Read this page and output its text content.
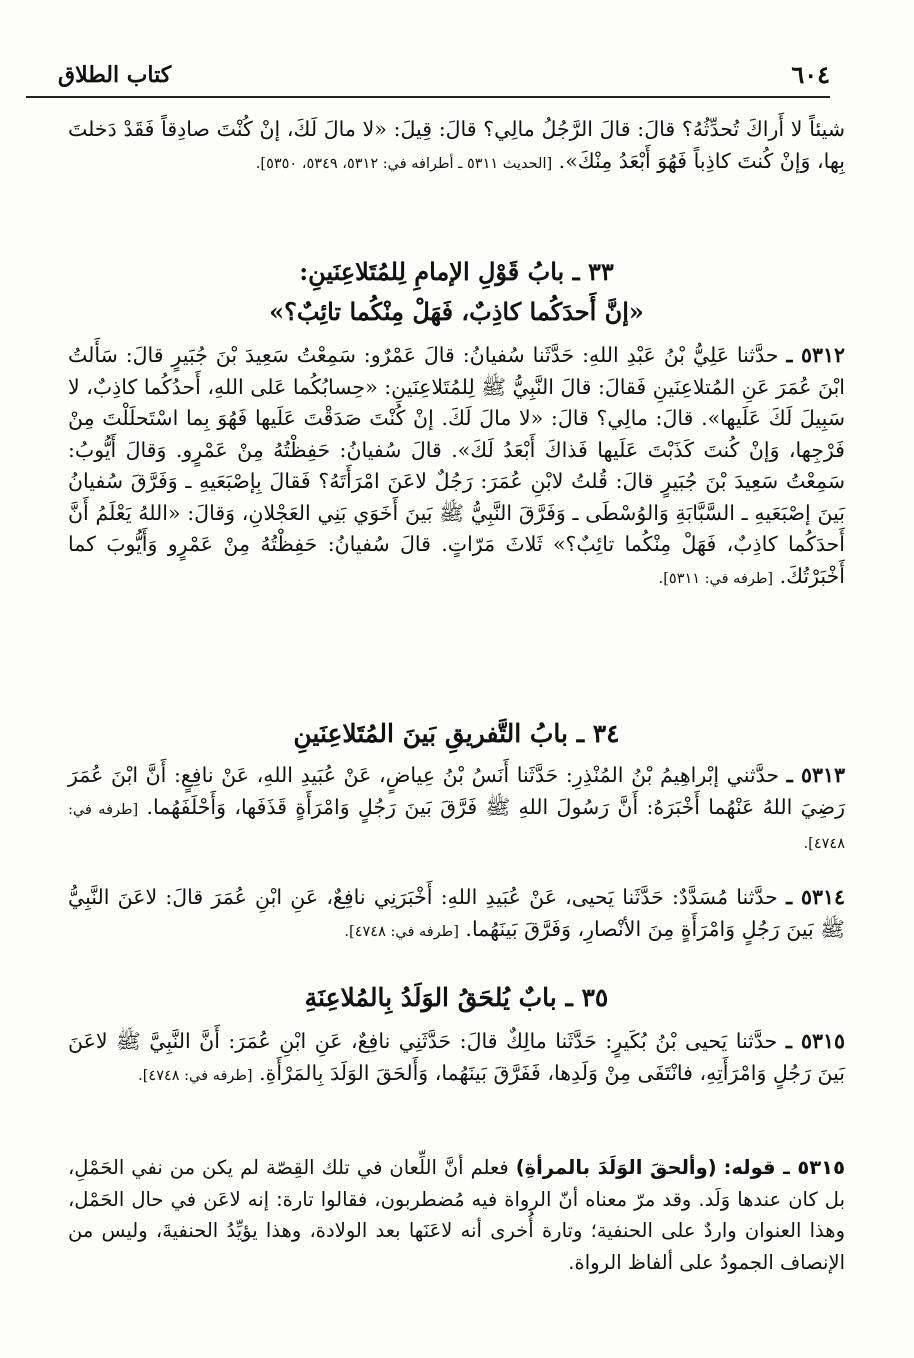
٦٠٤
كتاب الطلاق
شيئاً لا أَراكَ تُحدِّثُهُ؟ قالَ: قالَ الرَّجُلُ مالِي؟ قالَ: قِيلَ: «لا مالَ لَكَ، إنْ كُنْتَ صادِقاً فَقَدْ دَخلتَ بِها، وَإنْ كُنتَ كاذِباً فَهُوَ أَبْعَدُ مِنْكَ». [الحديث ٥٣١١ ـ أطرافه في: ٥٣١٢، ٥٣٤٩، ٥٣٥٠].
٣٣ ـ بابُ قَوْلِ الإمامِ لِلمُتَلاعِنَينِ:
«إنَّ أَحدَكُما كاذِبٌ، فَهَلْ مِنْكُما تائِبٌ؟»
٥٣١٢ ـ حدَّثنا عَلِيُّ بْنُ عَبْدِ اللهِ: حَدَّثَنا سُفيانُ: قالَ عَمْرٌو: سَمِعْتُ سَعِيدَ بْنَ جُبَيرٍ قالَ: سَأَلتُ ابْنَ عُمَرَ عَنِ المُتلاعِنَينِ فَقالَ: قالَ النَّبِيُّ ﷺ لِلمُتَلاعِنَينِ: «حِسابُكُما عَلى اللهِ، أَحدُكُما كاذِبٌ، لا سَبِيلَ لَكَ عَلَيها». قالَ: مالِي؟ قالَ: «لا مالَ لَكَ. إنْ كُنْتَ صَدَقْتَ عَلَيها فَهُوَ بِما اسْتَحلَلْتَ مِنْ فَرْجِها، وَإنْ كُنتَ كَذَبْتَ عَلَيها فَذاكَ أَبْعَدُ لَكَ». قالَ سُفيانُ: حَفِظْتُهُ مِنْ عَمْرٍو. وَقالَ أَيُّوبُ: سَمِعْتُ سَعِيدَ بْنَ جُبَيرٍ قالَ: قُلتُ لابْنِ عُمَرَ: رَجُلٌ لاعَنَ امْرَأَتَهُ؟ فَقالَ بِإصْبَعَيهِ ـ وَفَرَّقَ سُفيانُ بَينَ إصْبَعَيهِ ـ السَّبَّابَةِ وَالوُسْطَى ـ وَفَرَّقَ النَّبِيُّ ﷺ بَينَ أَخَوَي بَنِي العَجْلانِ، وَقالَ: «اللهُ يَعْلَمُ أَنَّ أَحدَكُما كاذِبٌ، فَهَلْ مِنْكُما تائِبٌ؟» ثَلاثَ مَرّاتٍ. قالَ سُفيانُ: حَفِظْتُهُ مِنْ عَمْرٍو وَأَيُّوبَ كما أَخْبَرْتُكَ. [طرفه في: ٥٣١١].
٣٤ ـ بابُ التَّفريقِ بَينَ المُتَلاعِنَينِ
٥٣١٣ ـ حدَّثني إبْراهِيمُ بْنُ المُنْذِرِ: حَدَّثَنا أَنَسُ بْنُ عِياضٍ، عَنْ عُبَيدِ اللهِ، عَنْ نافِعٍ: أَنَّ ابْنَ عُمَرَ رَضِيَ اللهُ عَنْهُما أَخْبَرَهُ: أَنَّ رَسُولَ اللهِ ﷺ فَرَّقَ بَينَ رَجُلٍ وَامْرَأَةٍ قَذَفَها، وَأَحْلَفَهُما. [طرفه في: ٤٧٤٨].
٥٣١٤ ـ حدَّثنا مُسَدَّدٌ: حَدَّثَنا يَحيى، عَنْ عُبَيدِ اللهِ: أَخْبَرَنِي نافِعٌ، عَنِ ابْنِ عُمَرَ قالَ: لاعَنَ النَّبِيُّ ﷺ بَينَ رَجُلٍ وَامْرَأَةٍ مِنَ الأنْصارِ، وَفَرَّقَ بَينَهُما. [طرفه في: ٤٧٤٨].
٣٥ ـ بابٌ يُلحَقُ الوَلَدُ بِالمُلاعِنَةِ
٥٣١٥ ـ حدَّثنا يَحيى بْنُ بُكَيرٍ: حَدَّثَنا مالِكٌ قالَ: حَدَّثَنِي نافِعٌ، عَنِ ابْنِ عُمَرَ: أَنَّ النَّبِيَّ ﷺ لاعَنَ بَينَ رَجُلٍ وَامْرَأَتِهِ، فانْتَفَى مِنْ وَلَدِها، فَفَرَّقَ بَينَهُما، وَأَلحَقَ الوَلَدَ بِالمَرْأَةِ. [طرفه في: ٤٧٤٨].
٥٣١٥ ـ قوله: (وألحقَ الوَلَدَ بالمرأةِ) فعلم أنَّ اللِّعان في تلك القِصّة لم يكن من نفي الحَمْلِ، بل كان عندها وَلَد. وقد مرّ معناه أنّ الرواة فيه مُضطربون، فقالوا تارة: إنه لاعَن في حال الحَمْل، وهذا العنوان واردٌ على الحنفية؛ وتارة أُخرى أنه لاعَنَها بعد الولادة، وهذا يؤيِّدُ الحنفيةَ، وليس من الإنصاف الجمودُ على ألفاظ الرواة.
